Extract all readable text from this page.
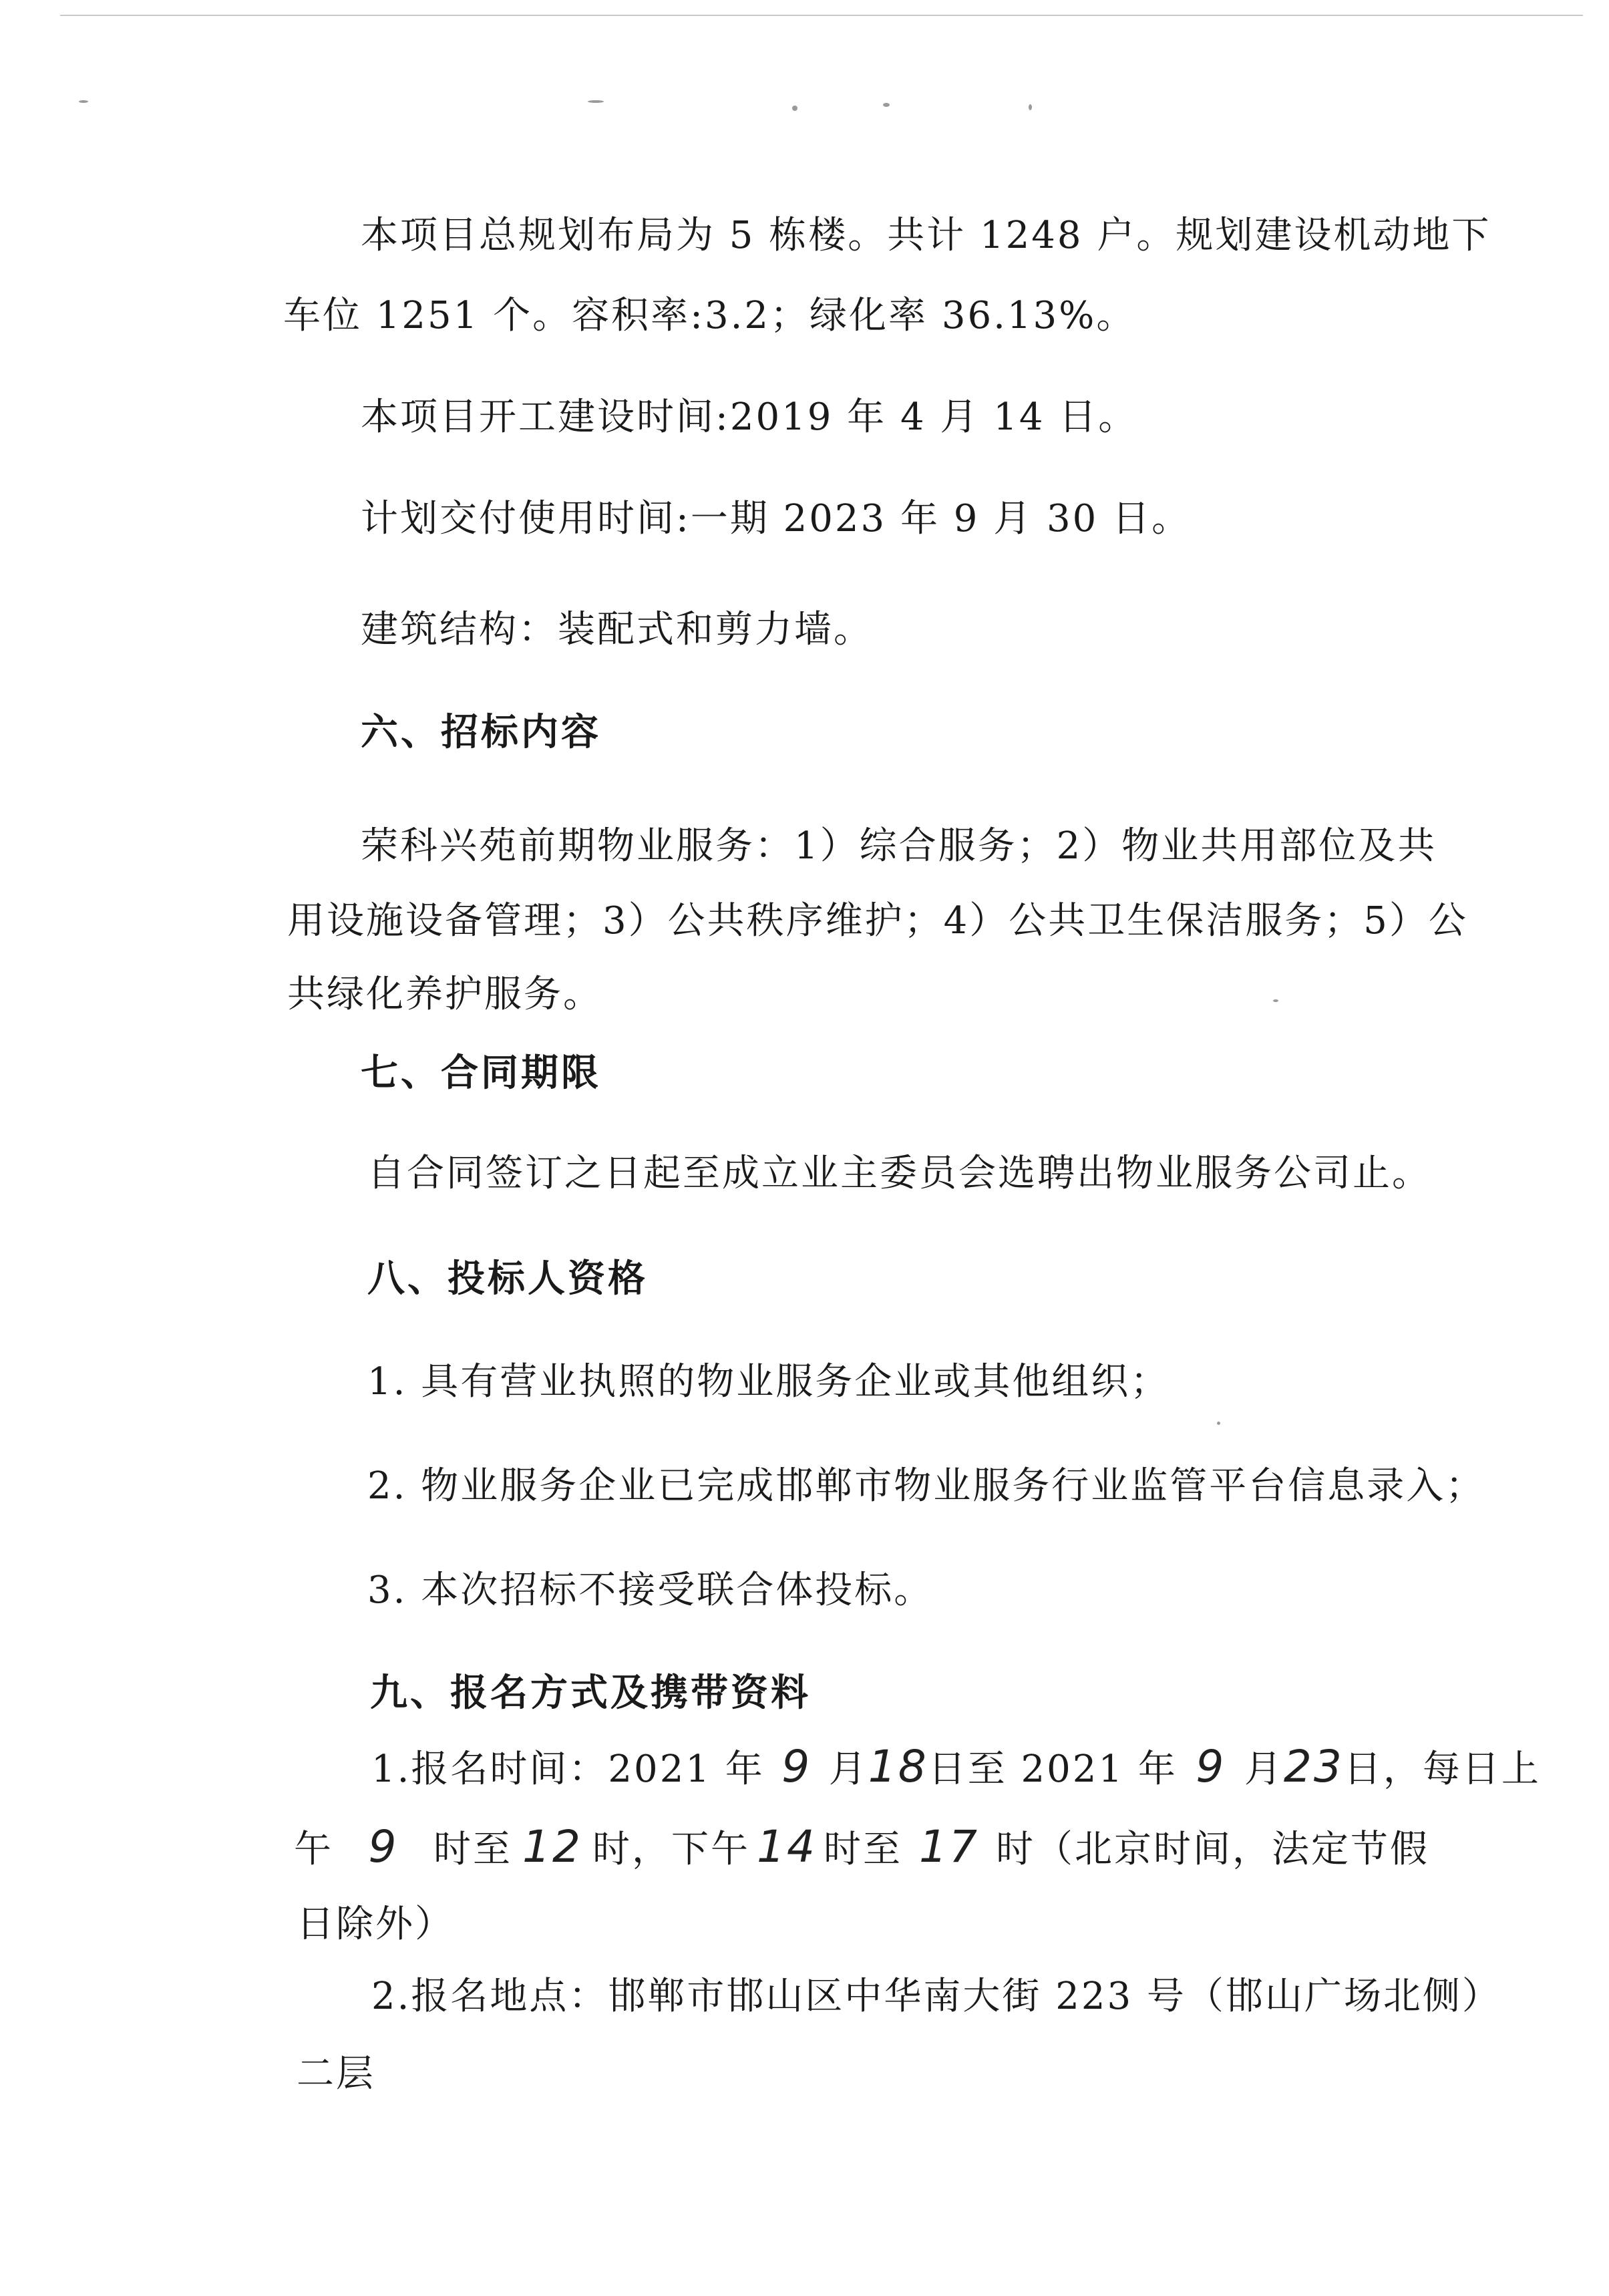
本项目总规划布局为 5 栋楼。共计 1248 户。规划建设机动地下
车位 1251 个。容积率:3.2；绿化率 36.13%。
本项目开工建设时间:2019 年 4 月 14 日。
计划交付使用时间:一期 2023 年 9 月 30 日。
建筑结构：装配式和剪力墙。
六、招标内容
荣科兴苑前期物业服务：1）综合服务；2）物业共用部位及共
用设施设备管理；3）公共秩序维护；4）公共卫生保洁服务；5）公
共绿化养护服务。
七、合同期限
自合同签订之日起至成立业主委员会选聘出物业服务公司止。
八、投标人资格
1. 具有营业执照的物业服务企业或其他组织；
2. 物业服务企业已完成邯郸市物业服务行业监管平台信息录入；
3. 本次招标不接受联合体投标。
九、报名方式及携带资料
1.报名时间：2021 年 9 月18日至 2021 年 9 月23日，每日上
午 9 时至 12 时，下午 14 时至 17 时（北京时间，法定节假
日除外）
2.报名地点：邯郸市邯山区中华南大街 223 号（邯山广场北侧）
二层
